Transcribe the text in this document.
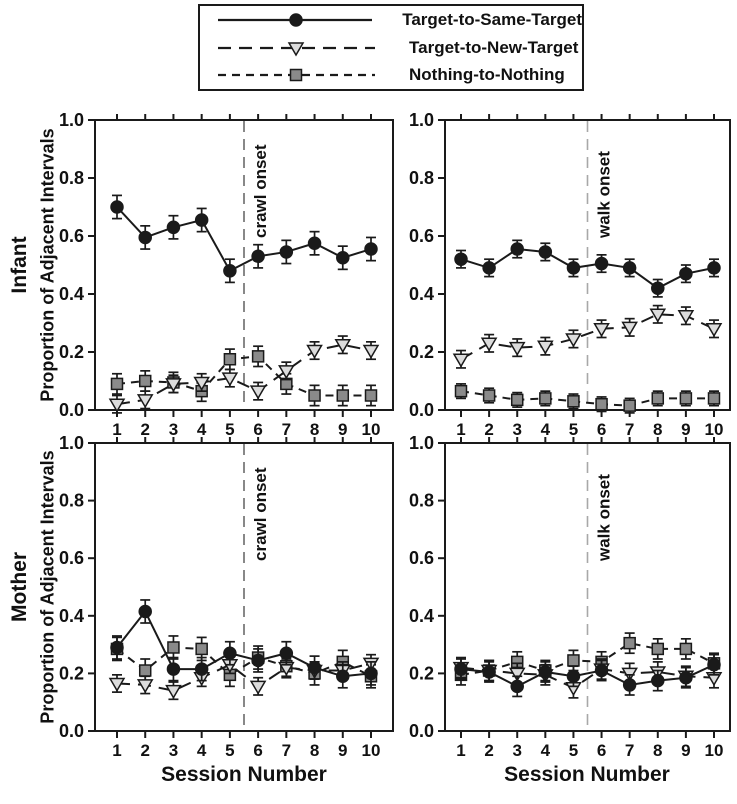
Target-to-Same-Target
Target-to-New-Target
Nothing-to-Nothing
Infant Proportion of Adjacent Intervals
Mother Proportion of Adjacent Intervals
Session Number	Session Number
0.0
0.2
0.4
0.6
0.8
1.0
1 2 3 4 5 6 7 8 9 10
crawl onset
0.0
0.2
0.4
0.6
0.8
1.0
1 2 3 4 5 6 7 8 9 10
walk onset
0.0
0.2
0.4
0.6
0.8
1.0
1 2 3 4 5 6 7 8 9 10
crawl onset
0.0
0.2
0.4
0.6
0.8
1.0
1 2 3 4 5 6 7 8 9 10
walk onset
